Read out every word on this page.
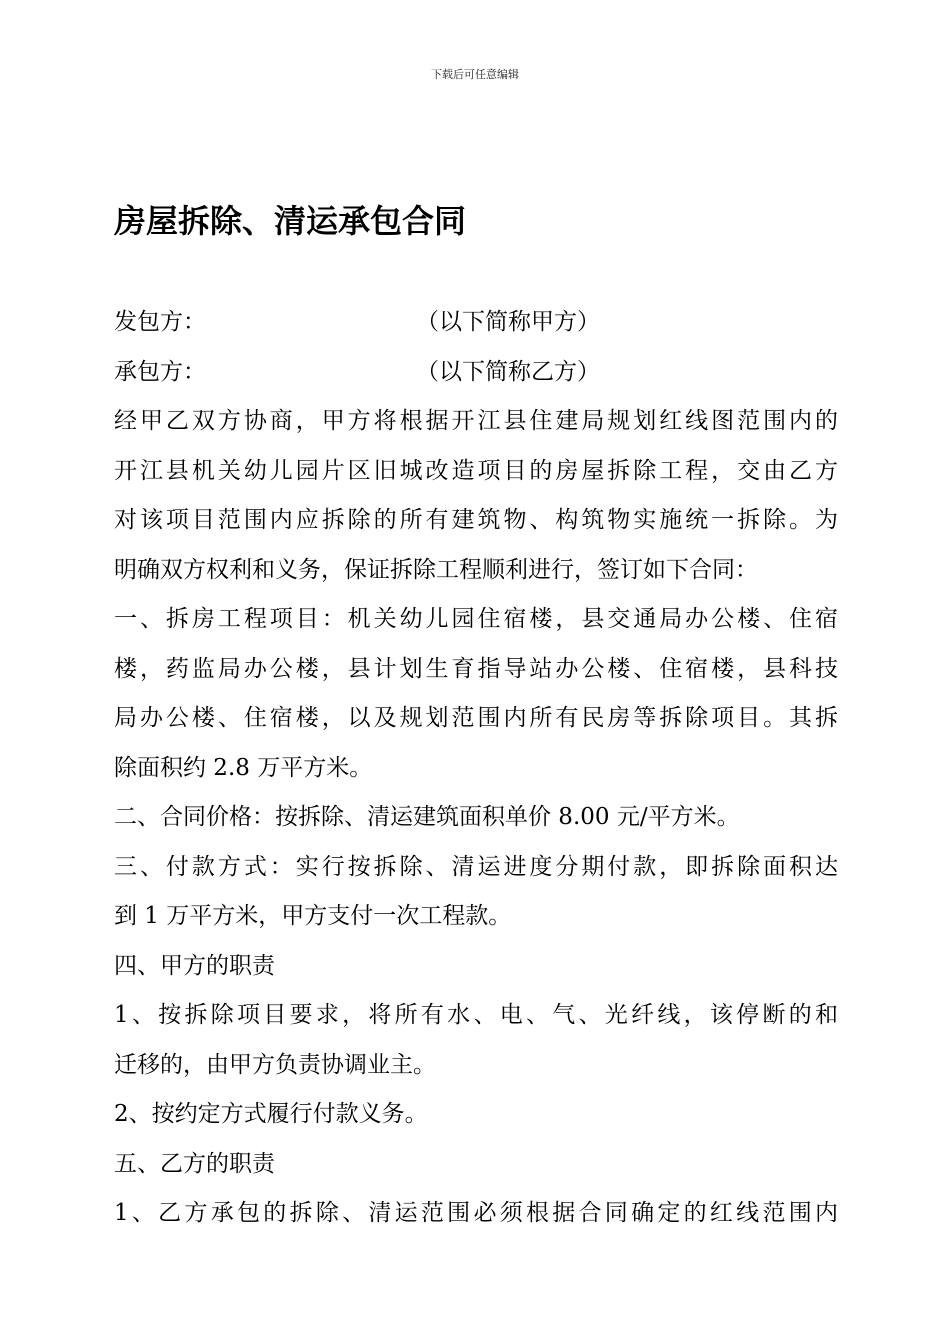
下载后可任意编辑
房屋拆除、清运承包合同
发包方：	（以下简称甲方）
承包方：	（以下简称乙方）
经甲乙双方协商，甲方将根据开江县住建局规划红线图范围内的
开江县机关幼儿园片区旧城改造项目的房屋拆除工程，交由乙方
对该项目范围内应拆除的所有建筑物、构筑物实施统一拆除。为
明确双方权利和义务，保证拆除工程顺利进行，签订如下合同：
一、拆房工程项目：机关幼儿园住宿楼，县交通局办公楼、住宿
楼，药监局办公楼，县计划生育指导站办公楼、住宿楼，县科技
局办公楼、住宿楼，以及规划范围内所有民房等拆除项目。其拆
除面积约 2.8 万平方米。
二、合同价格：按拆除、清运建筑面积单价 8.00 元/平方米。
三、付款方式：实行按拆除、清运进度分期付款，即拆除面积达
到 1 万平方米，甲方支付一次工程款。
四、甲方的职责
1、按拆除项目要求，将所有水、电、气、光纤线，该停断的和
迁移的，由甲方负责协调业主。
2、按约定方式履行付款义务。
五、乙方的职责
1、乙方承包的拆除、清运范围必须根据合同确定的红线范围内
